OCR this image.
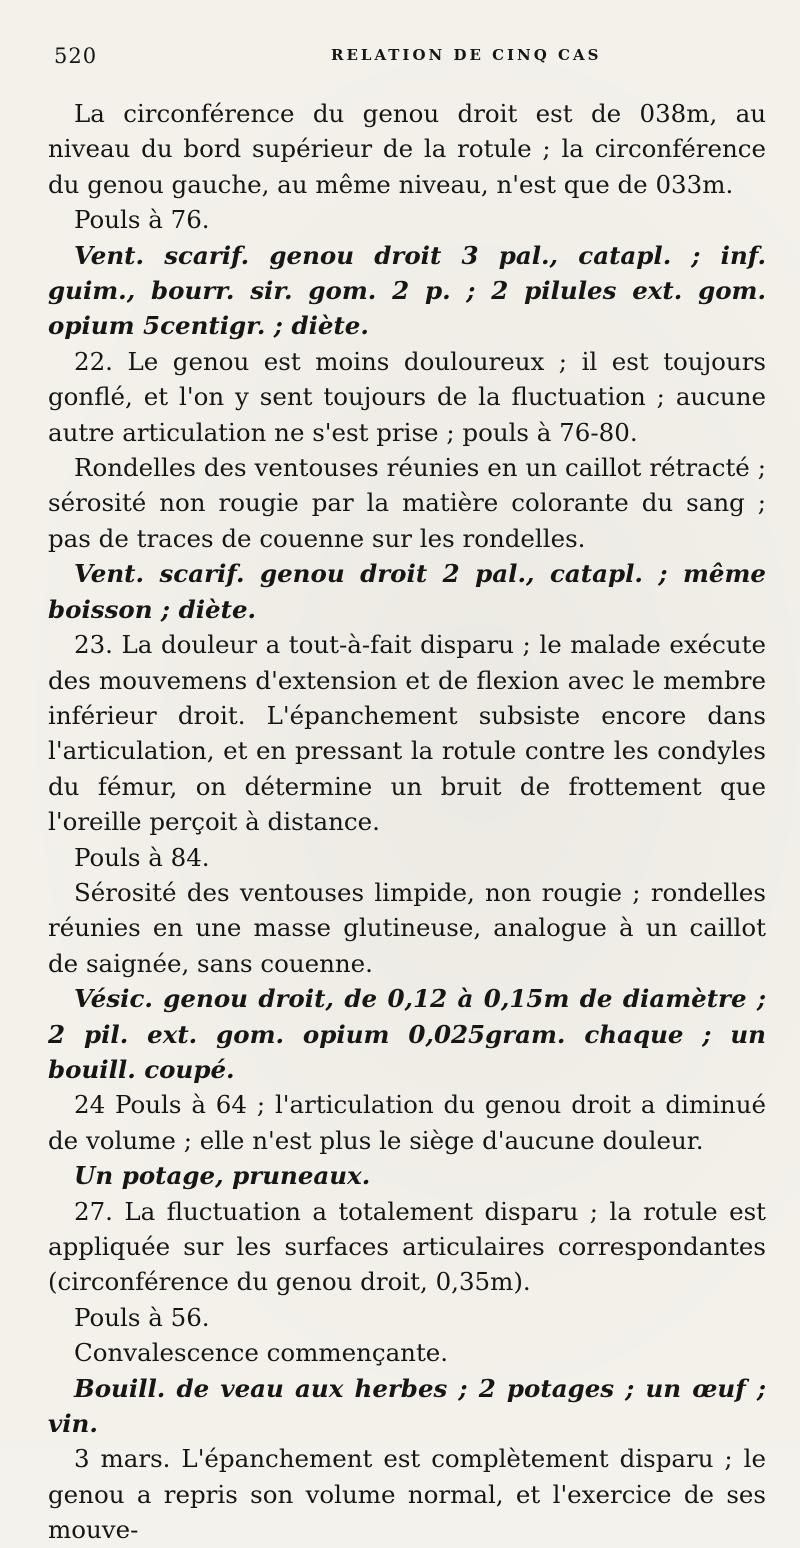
520	RELATION DE CINQ CAS

La circonférence du genou droit est de 038m, au niveau du bord supérieur de la rotule ; la circonférence du genou gauche, au même niveau, n'est que de 033m.

Pouls à 76.

Vent. scarif. genou droit 3 pal., catapl. ; inf. guim., bourr. sir. gom. 2 p. ; 2 pilules ext. gom. opium 5centigr. ; diète.

22. Le genou est moins douloureux ; il est toujours gonflé, et l'on y sent toujours de la fluctuation ; aucune autre articulation ne s'est prise ; pouls à 76-80.

Rondelles des ventouses réunies en un caillot rétracté ; sérosité non rougie par la matière colorante du sang ; pas de traces de couenne sur les rondelles.

Vent. scarif. genou droit 2 pal., catapl. ; même boisson ; diète.

23. La douleur a tout-à-fait disparu ; le malade exécute des mouvemens d'extension et de flexion avec le membre inférieur droit. L'épanchement subsiste encore dans l'articulation, et en pressant la rotule contre les condyles du fémur, on détermine un bruit de frottement que l'oreille perçoit à distance.

Pouls à 84.

Sérosité des ventouses limpide, non rougie ; rondelles réunies en une masse glutineuse, analogue à un caillot de saignée, sans couenne.

Vésic. genou droit, de 0,12 à 0,15m de diamètre ; 2 pil. ext. gom. opium 0,025gram. chaque ; un bouill. coupé.

24 Pouls à 64 ; l'articulation du genou droit a diminué de volume ; elle n'est plus le siège d'aucune douleur.

Un potage, pruneaux.

27. La fluctuation a totalement disparu ; la rotule est appliquée sur les surfaces articulaires correspondantes (circonférence du genou droit, 0,35m).

Pouls à 56.

Convalescence commençante.

Bouill. de veau aux herbes ; 2 potages ; un œuf ; vin.

3 mars. L'épanchement est complètement disparu ; le genou a repris son volume normal, et l'exercice de ses mouve-
